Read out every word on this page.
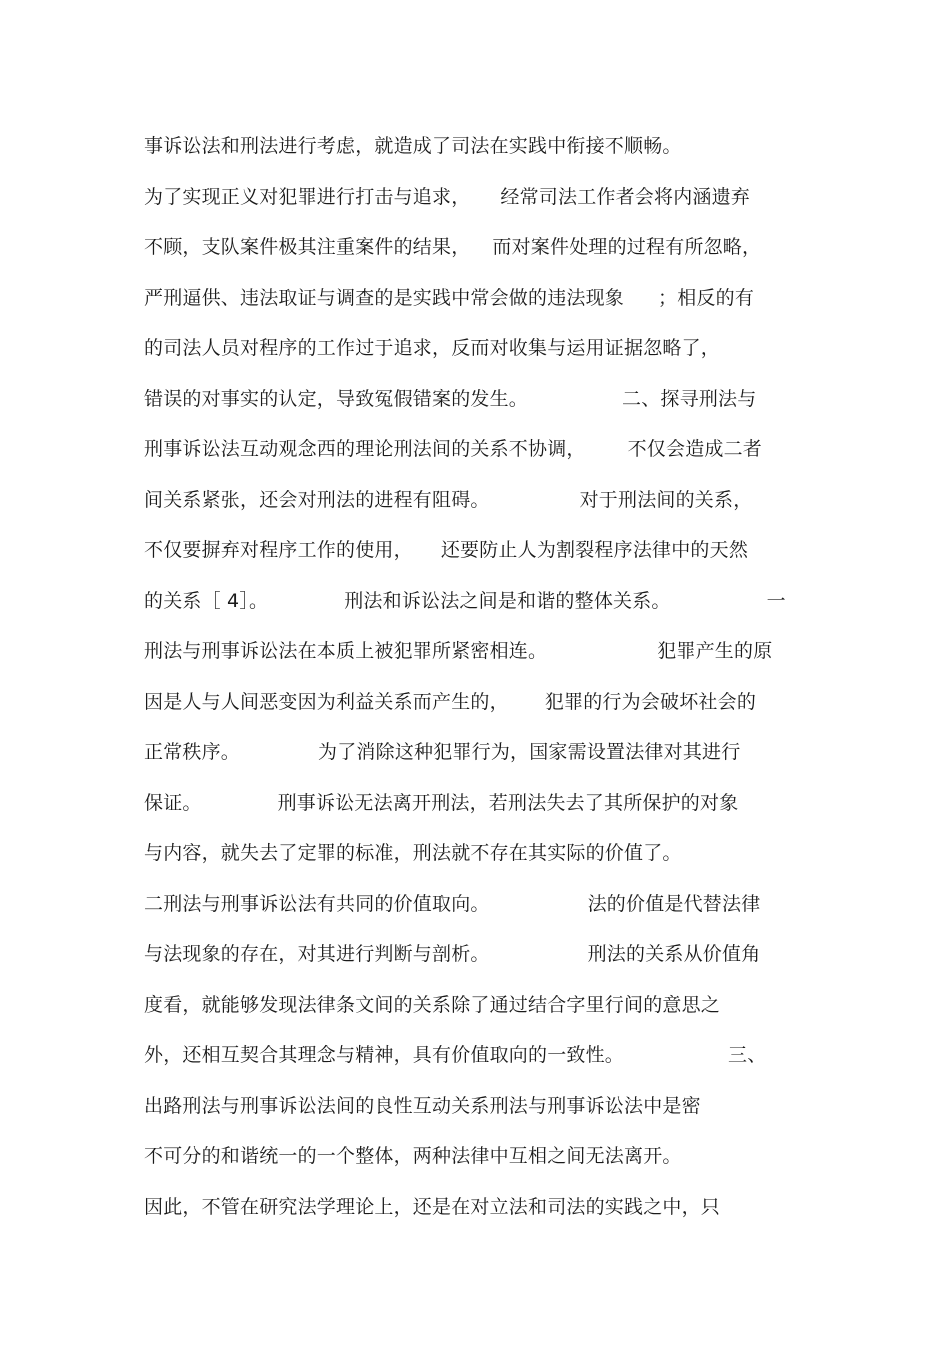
事诉讼法和刑法进行考虑，就造成了司法在实践中衔接不顺畅。
为了实现正义对犯罪进行打击与追求， 经常司法工作者会将内涵遗弃
不顾，支队案件极其注重案件的结果， 而对案件处理的过程有所忽略，
严刑逼供、违法取证与调查的是实践中常会做的违法现象 ；相反的有
的司法人员对程序的工作过于追求，反而对收集与运用证据忽略了，
错误的对事实的认定，导致冤假错案的发生。	二、探寻刑法与
刑事诉讼法互动观念西的理论刑法间的关系不协调， 不仅会造成二者
间关系紧张，还会对刑法的进程有阻碍。	对于刑法间的关系，
不仅要摒弃对程序工作的使用， 还要防止人为割裂程序法律中的天然
的关系［ 4］。	刑法和诉讼法之间是和谐的整体关系。	一
刑法与刑事诉讼法在本质上被犯罪所紧密相连。	犯罪产生的原
因是人与人间恶变因为利益关系而产生的， 犯罪的行为会破坏社会的
正常秩序。	为了消除这种犯罪行为，国家需设置法律对其进行
保证。	刑事诉讼无法离开刑法，若刑法失去了其所保护的对象
与内容，就失去了定罪的标准，刑法就不存在其实际的价值了。
二刑法与刑事诉讼法有共同的价值取向。	法的价值是代替法律
与法现象的存在，对其进行判断与剖析。	刑法的关系从价值角
度看，就能够发现法律条文间的关系除了通过结合字里行间的意思之
外，还相互契合其理念与精神，具有价值取向的一致性。	三、
出路刑法与刑事诉讼法间的良性互动关系刑法与刑事诉讼法中是密
不可分的和谐统一的一个整体，两种法律中互相之间无法离开。
因此，不管在研究法学理论上，还是在对立法和司法的实践之中，只
